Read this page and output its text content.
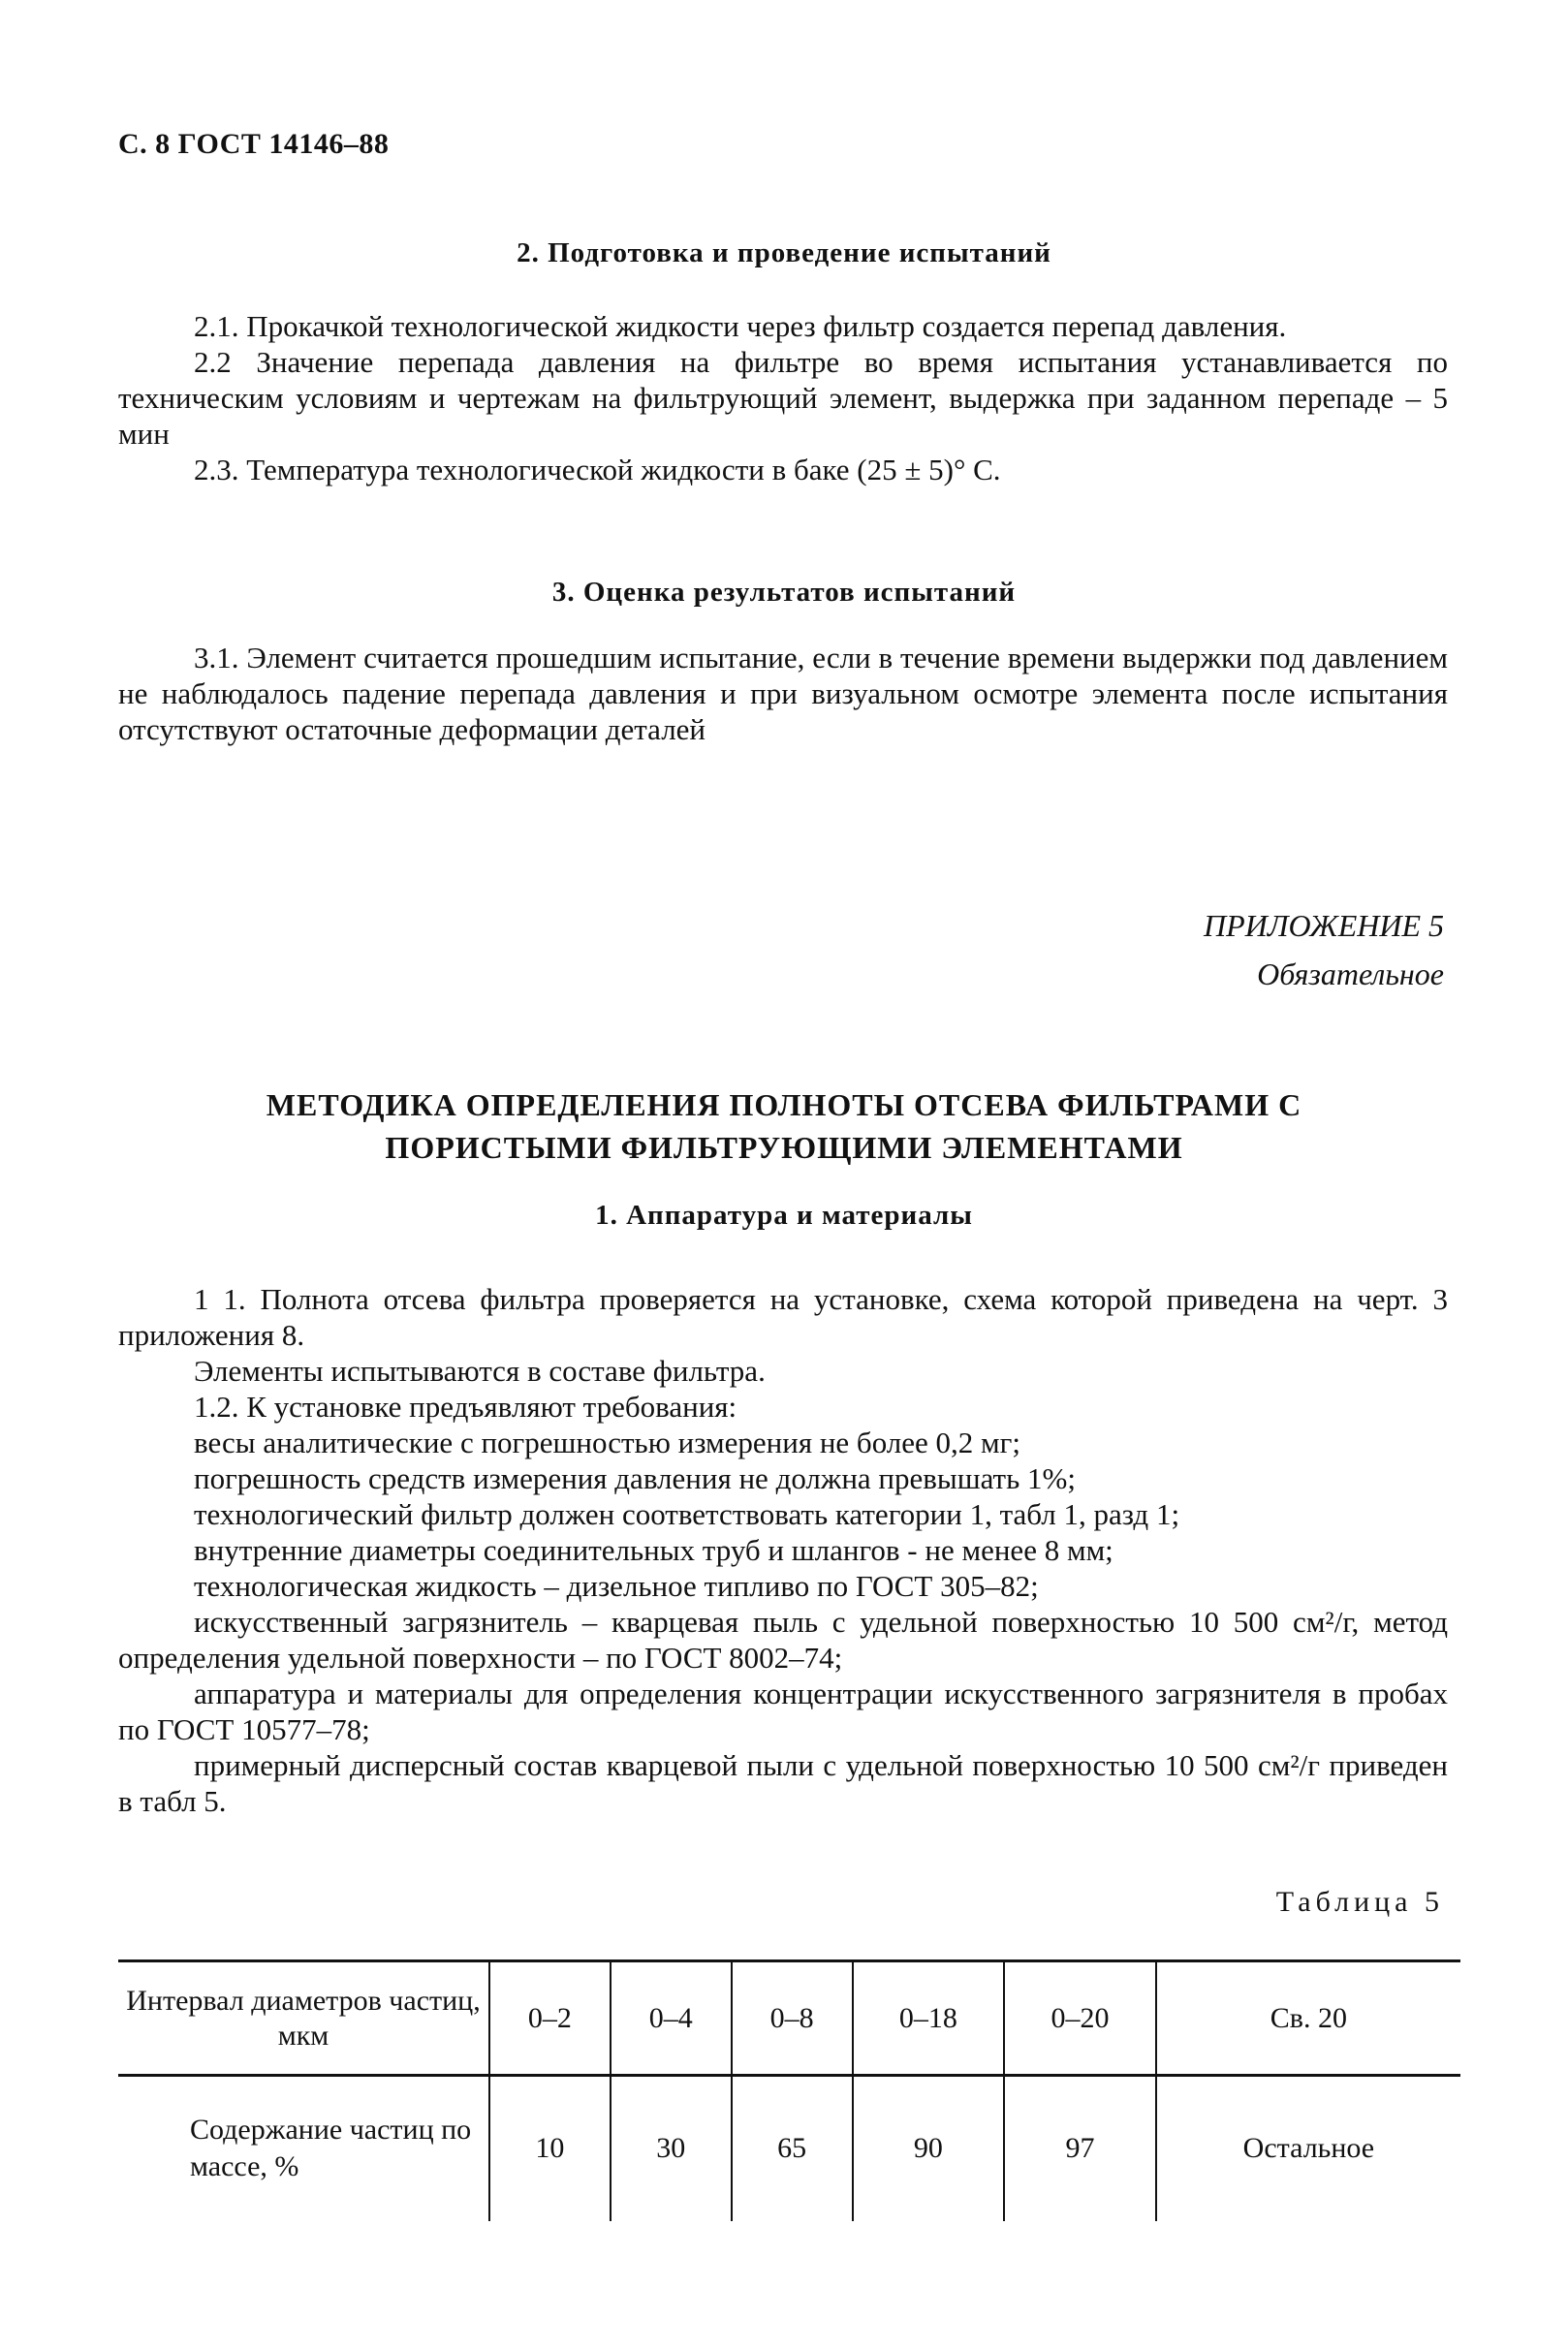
С. 8 ГОСТ 14146–88
2. Подготовка и проведение испытаний

2.1. Прокачкой технологической жидкости через фильтр создается перепад давления.

2.2 Значение перепада давления на фильтре во время испытания устанавливается по техническим условиям и чертежам на фильтрующий элемент, выдержка при заданном перепаде – 5 мин

2.3. Температура технологической жидкости в баке (25 ± 5)° С.

3. Оценка результатов испытаний

3.1. Элемент считается прошедшим испытание, если в течение времени выдержки под давлением не наблюдалось падение перепада давления и при визуальном осмотре элемента после испытания отсутствуют остаточные деформации деталей

ПРИЛОЖЕНИЕ 5
Обязательное
МЕТОДИКА ОПРЕДЕЛЕНИЯ ПОЛНОТЫ ОТСЕВА ФИЛЬТРАМИ С
ПОРИСТЫМИ ФИЛЬТРУЮЩИМИ ЭЛЕМЕНТАМИ
1. Аппаратура и материалы

1 1. Полнота отсева фильтра проверяется на установке, схема которой приведена на черт. 3 приложения 8.

Элементы испытываются в составе фильтра.

1.2. К установке предъявляют требования:

весы аналитические с погрешностью измерения не более 0,2 мг;

погрешность средств измерения давления не должна превышать 1%;

технологический фильтр должен соответствовать категории 1, табл 1, разд 1;

внутренние диаметры соединительных труб и шлангов - не менее 8 мм;

технологическая жидкость – дизельное типливо по ГОСТ 305–82;

искусственный загрязнитель – кварцевая пыль с удельной поверхностью 10 500 см²/г, метод определения удельной поверхности – по ГОСТ 8002–74;

аппаратура и материалы для определения концентрации искусственного загрязнителя в пробах по ГОСТ 10577–78;

примерный дисперсный состав кварцевой пыли с удельной поверхностью 10 500 см²/г приведен в табл 5.

Таблица 5
Интервал диаметров частиц, мкм	0–2	0–4	0–8	0–18	0–20	Св. 20
Содержание частиц по массе, %	10	30	65	90	97	Остальное
